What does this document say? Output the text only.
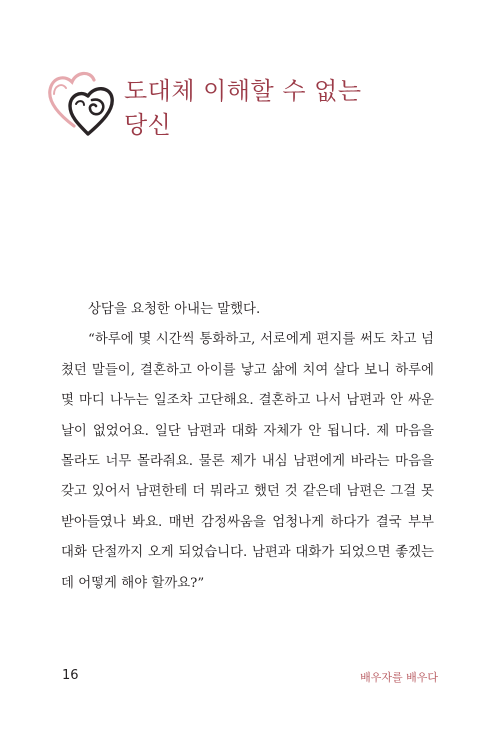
도대체 이해할 수 없는
당신

상담을 요청한 아내는 말했다.

“하루에 몇 시간씩 통화하고, 서로에게 편지를 써도 차고 넘

쳤던 말들이, 결혼하고 아이를 낳고 삶에 치여 살다 보니 하루에
몇 마디 나누는 일조차 고단해요. 결혼하고 나서 남편과 안 싸운
날이 없었어요. 일단 남편과 대화 자체가 안 됩니다. 제 마음을
몰라도 너무 몰라줘요. 물론 제가 내심 남편에게 바라는 마음을
갖고 있어서 남편한테 더 뭐라고 했던 것 같은데 남편은 그걸 못
받아들였나 봐요. 매번 감정싸움을 엄청나게 하다가 결국 부부
대화 단절까지 오게 되었습니다. 남편과 대화가 되었으면 좋겠는
데 어떻게 해야 할까요?”
16	배우자를 배우다
